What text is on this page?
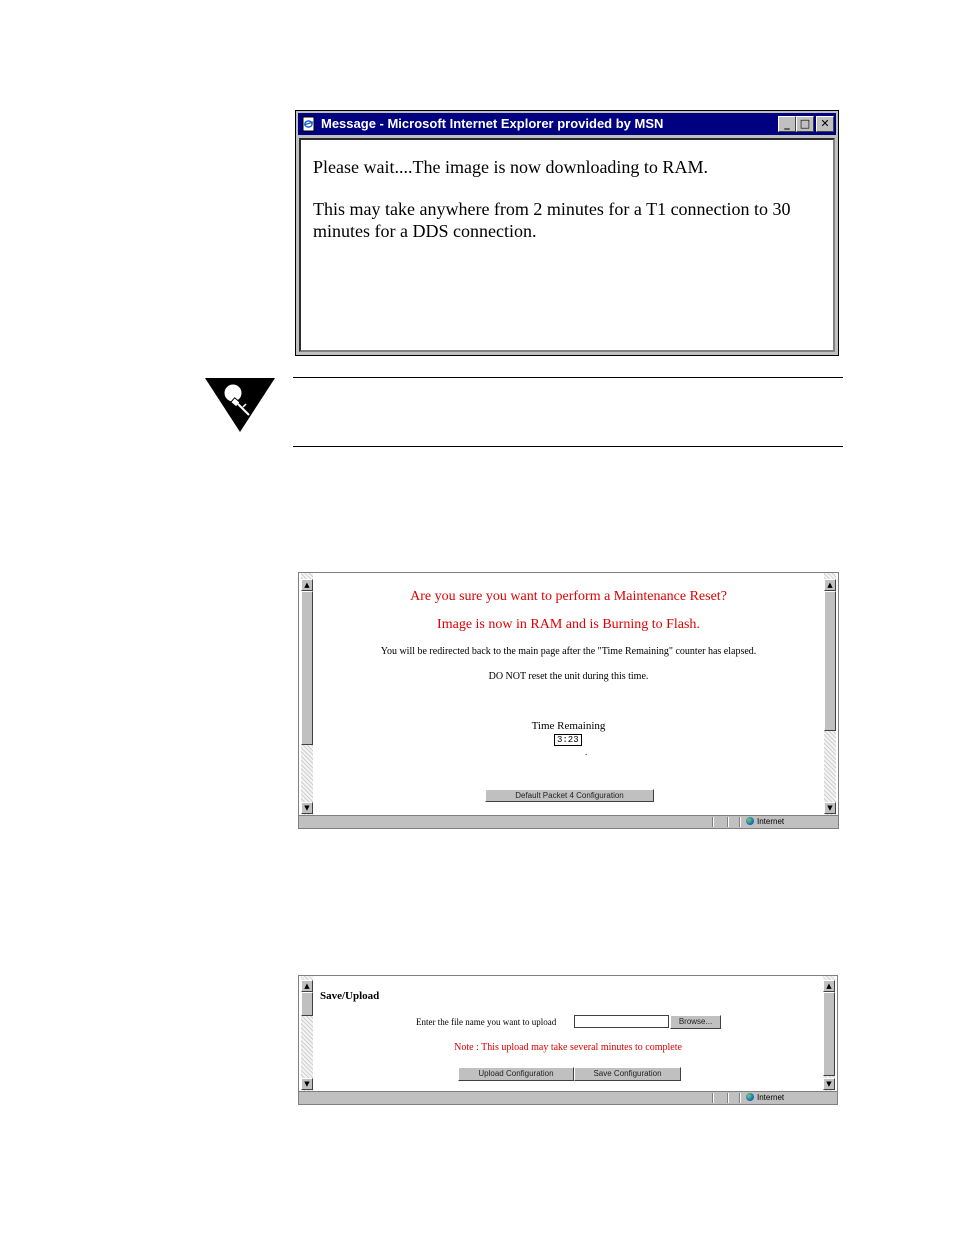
Message - Microsoft Internet Explorer provided by MSN	_ □ ✕

Please wait....The image is now downloading to RAM.

This may take anywhere from 2 minutes for a T1 connection to 30 minutes for a DDS connection.

▲
▼
▲
▼
Are you sure you want to perform a Maintenance Reset?
Image is now in RAM and is Burning to Flash.
You will be redirected back to the main page after the "Time Remaining" counter has elapsed.
DO NOT reset the unit during this time.
Time Remaining
3:23
.
Default Packet 4 Configuration
Internet
▲
▼
▲
▼
Save/Upload
Enter the file name you want to upload	Browse...
Note : This upload may take several minutes to complete
Upload Configuration	Save Configuration
Internet
